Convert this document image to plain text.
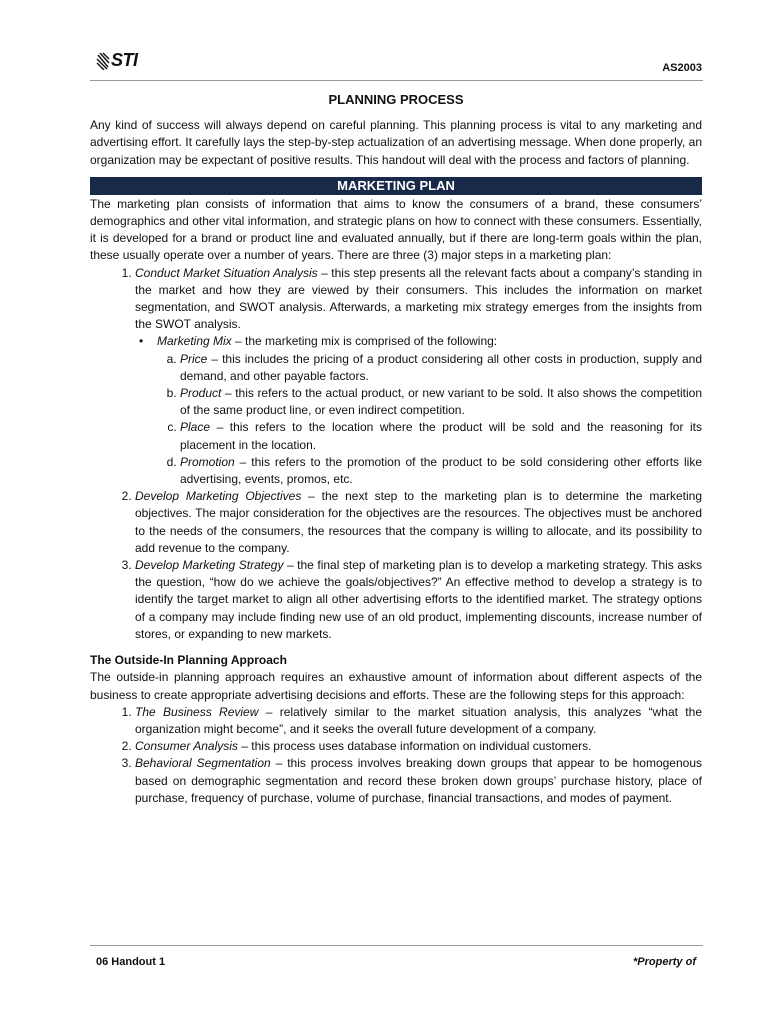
STI	AS2003
PLANNING PROCESS

Any kind of success will always depend on careful planning. This planning process is vital to any marketing and advertising effort. It carefully lays the step-by-step actualization of an advertising message. When done properly, an organization may be expectant of positive results. This handout will deal with the process and factors of planning.

MARKETING PLAN

The marketing plan consists of information that aims to know the consumers of a brand, these consumers’ demographics and other vital information, and strategic plans on how to connect with these consumers. Essentially, it is developed for a brand or product line and evaluated annually, but if there are long-term goals within the plan, these usually operate over a number of years. There are three (3) major steps in a marketing plan:

1. Conduct Market Situation Analysis – this step presents all the relevant facts about a company’s standing in the market and how they are viewed by their consumers. This includes the information on market segmentation, and SWOT analysis. Afterwards, a marketing mix strategy emerges from the insights from the SWOT analysis.
• Marketing Mix – the marketing mix is comprised of the following:
a. Price – this includes the pricing of a product considering all other costs in production, supply and demand, and other payable factors.
b. Product – this refers to the actual product, or new variant to be sold. It also shows the competition of the same product line, or even indirect competition.
c. Place – this refers to the location where the product will be sold and the reasoning for its placement in the location.
d. Promotion – this refers to the promotion of the product to be sold considering other efforts like advertising, events, promos, etc.
2. Develop Marketing Objectives – the next step to the marketing plan is to determine the marketing objectives. The major consideration for the objectives are the resources. The objectives must be anchored to the needs of the consumers, the resources that the company is willing to allocate, and its possibility to add revenue to the company.
3. Develop Marketing Strategy – the final step of marketing plan is to develop a marketing strategy. This asks the question, “how do we achieve the goals/objectives?” An effective method to develop a strategy is to identify the target market to align all other advertising efforts to the identified market. The strategy options of a company may include finding new use of an old product, implementing discounts, increase number of stores, or expanding to new markets.

The Outside-In Planning Approach

The outside-in planning approach requires an exhaustive amount of information about different aspects of the business to create appropriate advertising decisions and efforts. These are the following steps for this approach:

1. The Business Review – relatively similar to the market situation analysis, this analyzes “what the organization might become”, and it seeks the overall future development of a company.
2. Consumer Analysis – this process uses database information on individual customers.
3. Behavioral Segmentation – this process involves breaking down groups that appear to be homogenous based on demographic segmentation and record these broken down groups’ purchase history, place of purchase, frequency of purchase, volume of purchase, financial transactions, and modes of payment.
06 Handout 1	*Property of
